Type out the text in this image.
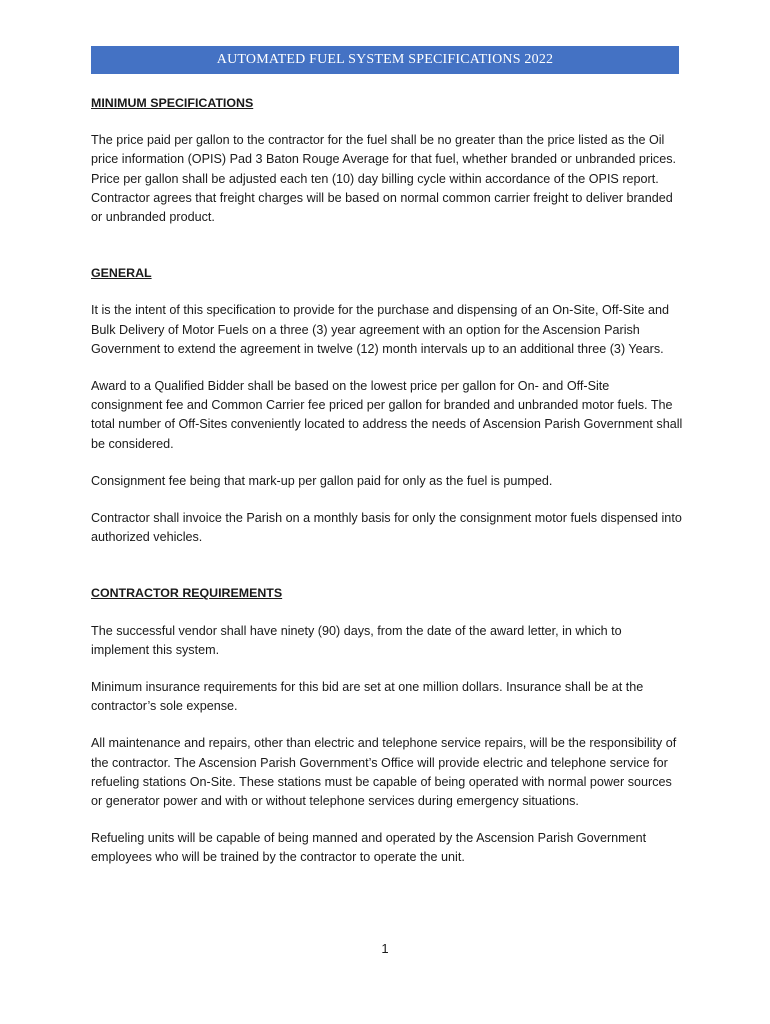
AUTOMATED FUEL SYSTEM SPECIFICATIONS 2022

MINIMUM SPECIFICATIONS

The price paid per gallon to the contractor for the fuel shall be no greater than the price listed as the Oil price information (OPIS) Pad 3 Baton Rouge Average for that fuel, whether branded or unbranded prices. Price per gallon shall be adjusted each ten (10) day billing cycle within accordance of the OPIS report. Contractor agrees that freight charges will be based on normal common carrier freight to deliver branded or unbranded product.

GENERAL

It is the intent of this specification to provide for the purchase and dispensing of an On-Site, Off-Site and Bulk Delivery of Motor Fuels on a three (3) year agreement with an option for the Ascension Parish Government to extend the agreement in twelve (12) month intervals up to an additional three (3) Years.

Award to a Qualified Bidder shall be based on the lowest price per gallon for On- and Off-Site consignment fee and Common Carrier fee priced per gallon for branded and unbranded motor fuels. The total number of Off-Sites conveniently located to address the needs of Ascension Parish Government shall be considered.

Consignment fee being that mark-up per gallon paid for only as the fuel is pumped.

Contractor shall invoice the Parish on a monthly basis for only the consignment motor fuels dispensed into authorized vehicles.

CONTRACTOR REQUIREMENTS

The successful vendor shall have ninety (90) days, from the date of the award letter, in which to implement this system.

Minimum insurance requirements for this bid are set at one million dollars. Insurance shall be at the contractor’s sole expense.

All maintenance and repairs, other than electric and telephone service repairs, will be the responsibility of the contractor. The Ascension Parish Government’s Office will provide electric and telephone service for refueling stations On-Site. These stations must be capable of being operated with normal power sources or generator power and with or without telephone services during emergency situations.

Refueling units will be capable of being manned and operated by the Ascension Parish Government employees who will be trained by the contractor to operate the unit.

1
